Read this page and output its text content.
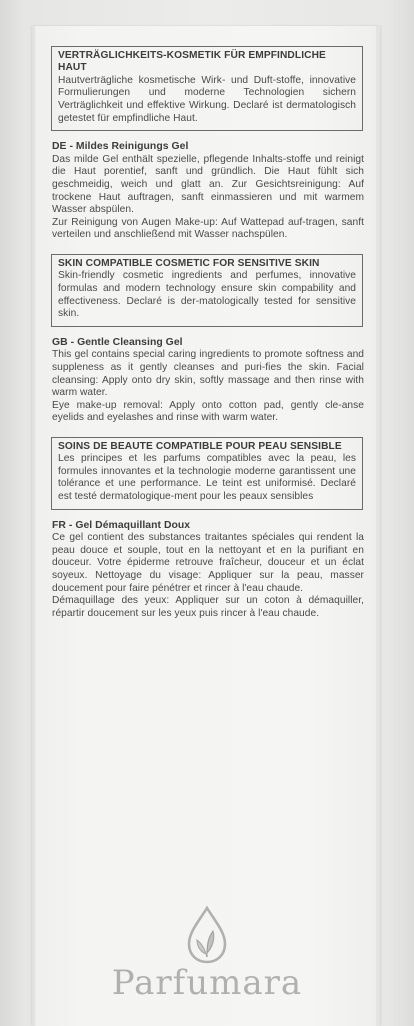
VERTRÄGLICHKEITS-KOSMETIK FÜR EMPFINDLICHE HAUT
Hautverträgliche kosmetische Wirk- und Duft-stoffe, innovative Formulierungen und moderne Technologien sichern Verträglichkeit und effektive Wirkung. Declaré ist dermatologisch getestet für empfindliche Haut.
DE - Mildes Reinigungs Gel
Das milde Gel enthält spezielle, pflegende Inhalts-stoffe und reinigt die Haut porentief, sanft und gründlich. Die Haut fühlt sich geschmeidig, weich und glatt an. Zur Gesichtsreinigung: Auf trockene Haut auftragen, sanft einmassieren und mit warmem Wasser abspülen.
Zur Reinigung von Augen Make-up: Auf Wattepad auf-tragen, sanft verteilen und anschließend mit Wasser nachspülen.
SKIN COMPATIBLE COSMETIC FOR SENSITIVE SKIN
Skin-friendly cosmetic ingredients and perfumes, innovative formulas and modern technology ensure skin compability and effectiveness. Declaré is der-matologically tested for sensitive skin.
GB - Gentle Cleansing Gel
This gel contains special caring ingredients to promote softness and suppleness as it gently cleanses and puri-fies the skin. Facial cleansing: Apply onto dry skin, softly massage and then rinse with warm water.
Eye make-up removal: Apply onto cotton pad, gently cle-anse eyelids and eyelashes and rinse with warm water.
SOINS DE BEAUTE COMPATIBLE POUR PEAU SENSIBLE
Les principes et les parfums compatibles avec la peau, les formules innovantes et la technologie moderne garantissent une tolérance et une performance. Le teint est uniformisé. Declaré est testé dermatologique-ment pour les peaux sensibles
FR - Gel Démaquillant Doux
Ce gel contient des substances traitantes spéciales qui rendent la peau douce et souple, tout en la nettoyant et en la purifiant en douceur. Votre épiderme retrouve fraîcheur, douceur et un éclat soyeux. Nettoyage du visage: Appliquer sur la peau, masser doucement pour faire pénétrer et rincer à l'eau chaude.
Démaquillage des yeux: Appliquer sur un coton à démaquiller, répartir doucement sur les yeux puis rincer à l'eau chaude.
Parfumara
